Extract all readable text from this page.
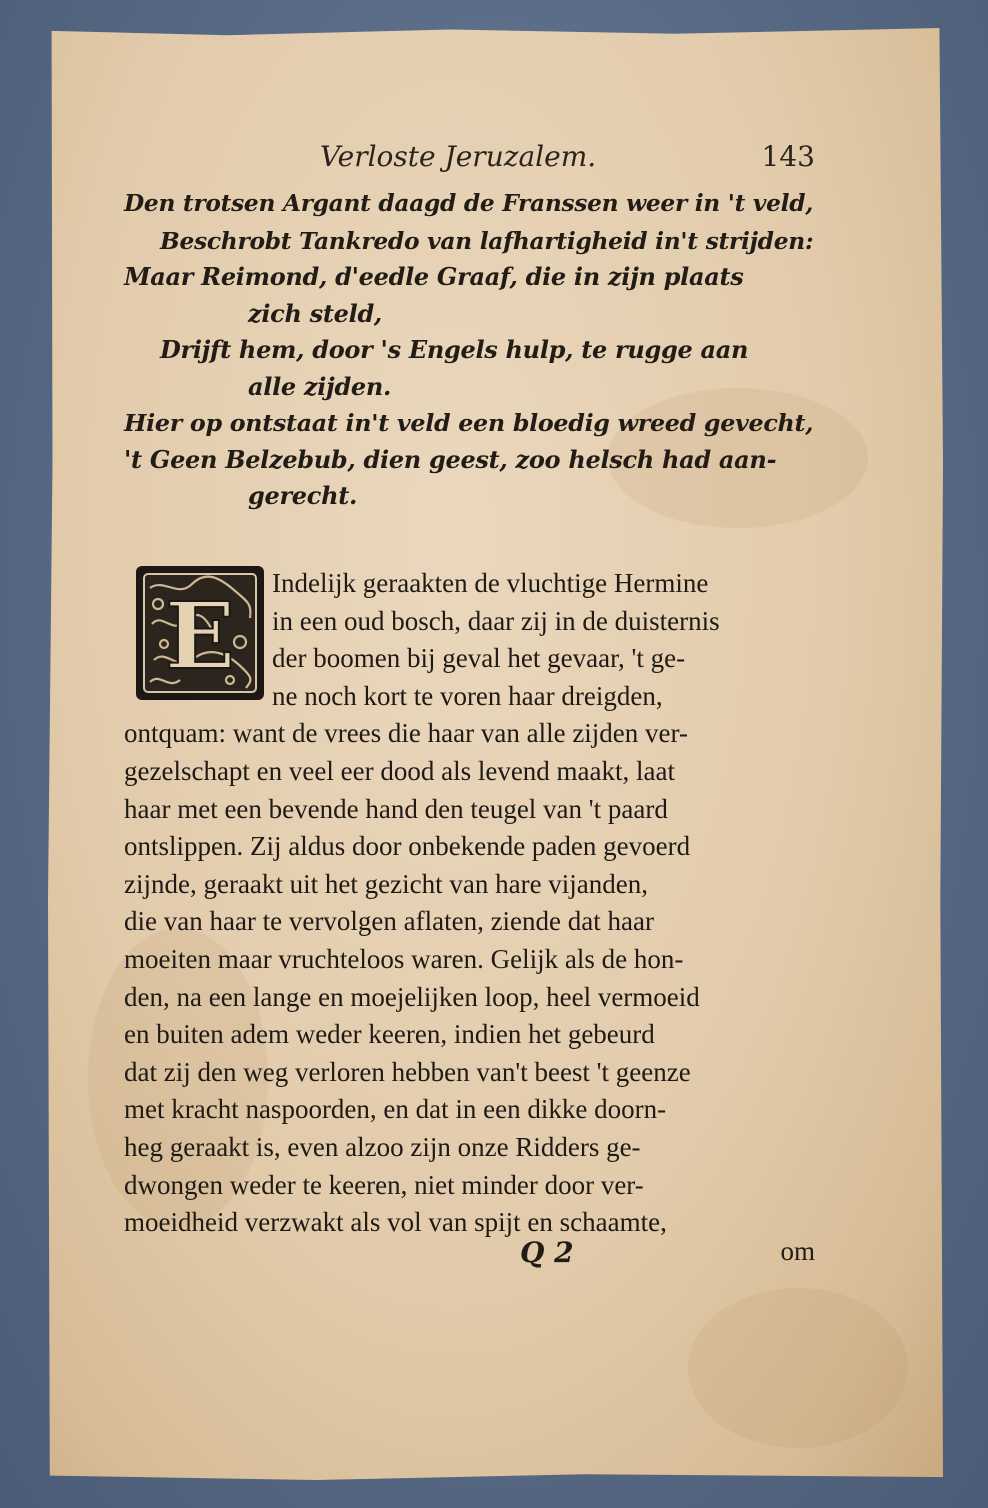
Verloste Jeruzalem.	143
Den trotsen Argant daagd de Franssen weer in 't veld,
Beschrobt Tankredo van lafhartigheid in't strijden:
Maar Reimond, d'eedle Graaf, die in zijn plaats
zich steld,
Drijft hem, door 's Engels hulp, te rugge aan
alle zijden.
Hier op ontstaat in't veld een bloedig wreed gevecht,
't Geen Belzebub, dien geest, zoo helsch had aan-
gerecht.
E	Indelijk geraakten de vluchtige Hermine
in een oud bosch, daar zij in de duisternis
der boomen bij geval het gevaar, 't ge-
ne noch kort te voren haar dreigden,
ontquam: want de vrees die haar van alle zijden ver-
gezelschapt en veel eer dood als levend maakt, laat
haar met een bevende hand den teugel van 't paard
ontslippen. Zij aldus door onbekende paden gevoerd
zijnde, geraakt uit het gezicht van hare vijanden,
die van haar te vervolgen aflaten, ziende dat haar
moeiten maar vruchteloos waren. Gelijk als de hon-
den, na een lange en moejelijken loop, heel vermoeid
en buiten adem weder keeren, indien het gebeurd
dat zij den weg verloren hebben van't beest 't geenze
met kracht naspoorden, en dat in een dikke doorn-
heg geraakt is, even alzoo zijn onze Ridders ge-
dwongen weder te keeren, niet minder door ver-
moeidheid verzwakt als vol van spijt en schaamte,
Q 2	om
